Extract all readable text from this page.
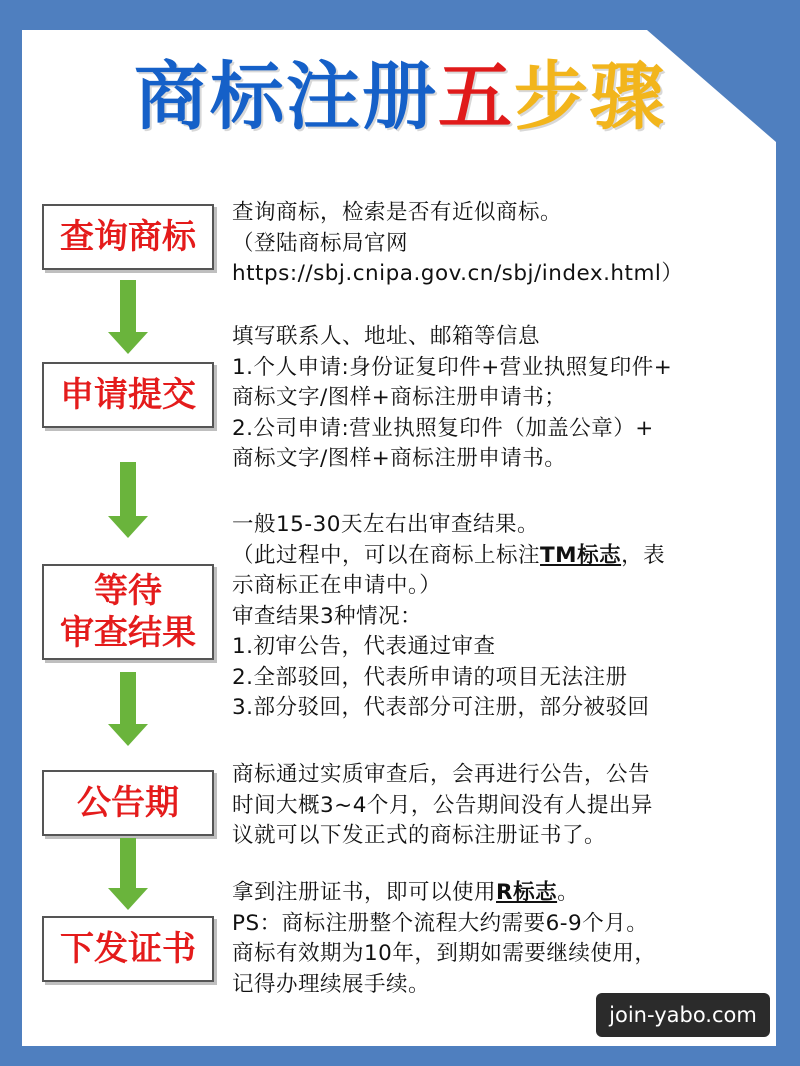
商标注册五步骤
查询商标
查询商标，检索是否有近似商标。
（登陆商标局官网
https://sbj.cnipa.gov.cn/sbj/index.html）
申请提交
填写联系人、地址、邮箱等信息
1.个人申请:身份证复印件+营业执照复印件+
商标文字/图样+商标注册申请书；
2.公司申请:营业执照复印件（加盖公章）+
商标文字/图样+商标注册申请书。
等待
审查结果
一般15-30天左右出审查结果。
（此过程中，可以在商标上标注TM标志，表
示商标正在申请中。）
审查结果3种情况：
1.初审公告，代表通过审查
2.全部驳回，代表所申请的项目无法注册
3.部分驳回，代表部分可注册，部分被驳回
公告期
商标通过实质审查后，会再进行公告，公告
时间大概3~4个月，公告期间没有人提出异
议就可以下发正式的商标注册证书了。
下发证书
拿到注册证书，即可以使用R标志。
PS：商标注册整个流程大约需要6-9个月。
商标有效期为10年，到期如需要继续使用，
记得办理续展手续。
join-yabo.com
